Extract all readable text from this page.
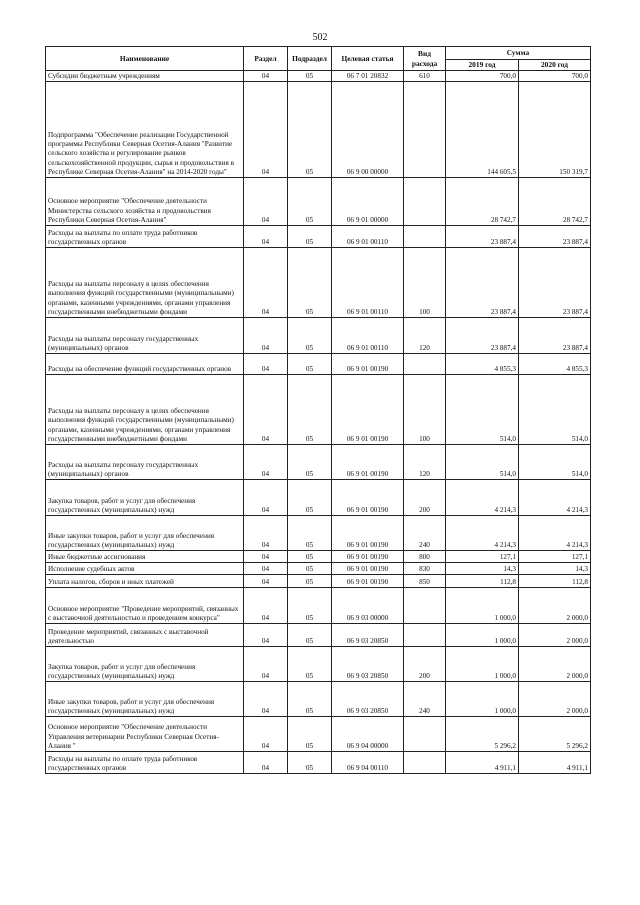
502
Наименование	Раздел	Подраздел	Целевая статья	Вид расхода	Сумма	
					2019 год	2020 год
Субсидии бюджетным учреждениям	04	05	06 7 01 20832	610	700,0	700,0
Подпрограмма "Обеспечение реализации Государственной программы Республики Северная Осетия-Алания "Развитие сельского хозяйства и регулирование рынков сельскохозяйственной продукции, сырья и продовольствия в Республике Северная Осетия-Алания" на 2014-2020 годы"	04	05	06 9 00 00000		144 605,5	150 319,7
Основное мероприятие "Обеспечение деятельности Министерства сельского хозяйства и продовольствия Республики Северная Осетия-Алания"	04	05	06 9 01 00000		28 742,7	28 742,7
Расходы на выплаты по оплате труда работников государственных органов	04	05	06 9 01 00110		23 887,4	23 887,4
Расходы на выплаты персоналу в целях обеспечения выполнения функций государственными (муниципальными) органами, казенными учреждениями, органами управления государственными внебюджетными фондами	04	05	06 9 01 00110	100	23 887,4	23 887,4
Расходы на выплаты персоналу государственных (муниципальных) органов	04	05	06 9 01 00110	120	23 887,4	23 887,4
Расходы на обеспечение функций государственных органов	04	05	06 9 01 00190		4 855,3	4 855,3
Расходы на выплаты персоналу в целях обеспечения выполнения функций государственными (муниципальными) органами, казенными учреждениями, органами управления государственными внебюджетными фондами	04	05	06 9 01 00190	100	514,0	514,0
Расходы на выплаты персоналу государственных (муниципальных) органов	04	05	06 9 01 00190	120	514,0	514,0
Закупка товаров, работ и услуг для обеспечения государственных (муниципальных) нужд	04	05	06 9 01 00190	200	4 214,3	4 214,3
Иные закупки товаров, работ и услуг для обеспечения государственных (муниципальных) нужд	04	05	06 9 01 00190	240	4 214,3	4 214,3
Иные бюджетные ассигнования	04	05	06 9 01 00190	800	127,1	127,1
Исполнение судебных актов	04	05	06 9 01 00190	830	14,3	14,3
Уплата налогов, сборов и иных платежей	04	05	06 9 01 00190	850	112,8	112,8
Основное мероприятие "Проведение мероприятий, связанных с выставочной деятельностью и проведением конкурса"	04	05	06 9 03 00000		1 000,0	2 000,0
Проведение мероприятий, связанных с выставочной деятельностью	04	05	06 9 03 20850		1 000,0	2 000,0
Закупка товаров, работ и услуг для обеспечения государственных (муниципальных) нужд	04	05	06 9 03 20850	200	1 000,0	2 000,0
Иные закупки товаров, работ и услуг для обеспечения государственных (муниципальных) нужд	04	05	06 9 03 20850	240	1 000,0	2 000,0
Основное мероприятие "Обеспечение деятельности Управления ветеринарии Республики Северная Осетия-Алания "	04	05	06 9 04 00000		5 296,2	5 296,2
Расходы на выплаты по оплате труда работников государственных органов	04	05	06 9 04 00110		4 911,1	4 911,1
